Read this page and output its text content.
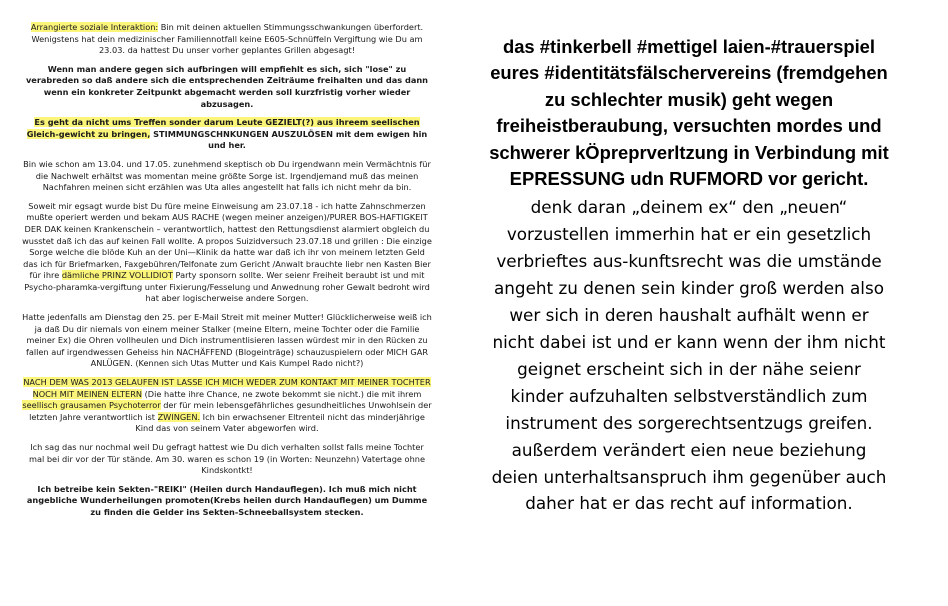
Arrangierte soziale Interaktion: Bin mit deinen aktuellen Stimmungsschwankungen überfordert. Wenigstens hat dein medizinischer Familiennotfall keine E605-Schnüffeln Vergiftung wie Du am 23.03. da hattest Du unser vorher geplantes Grillen abgesagt!
Wenn man andere gegen sich aufbringen will empfiehlt es sich, sich "lose" zu verabreden so daß andere sich die entsprechenden Zeiträume freihalten und das dann wenn ein konkreter Zeitpunkt abgemacht werden soll kurzfristig vorher wieder abzusagen.
Es geht da nicht ums Treffen sonder darum Leute GEZIELT(?) aus ihreem seelischen Gleich-gewicht zu bringen, STIMMUNGSCHNKUNGEN AUSZULÖSEN mit dem ewigen hin und her.
Bin wie schon am 13.04. und 17.05. zunehmend skeptisch ob Du irgendwann mein Vermächtnis für die Nachwelt erhältst was momentan meine größte Sorge ist. Irgendjemand muß das meinen Nachfahren meinen sicht erzählen was Uta alles angestellt hat falls ich nicht mehr da bin.
Soweit mir egsagt wurde bist Du füre meine Einweisung am 23.07.18 - ich hatte Zahnschmerzen mußte operiert werden und bekam AUS RACHE (wegen meiner anzeigen)/PURER BOS-HAFTIGKEIT DER DAK keinen Krankenschein – verantwortlich, hattest den Rettungsdienst alarmiert obgleich du wusstet daß ich das auf keinen Fall wollte. A propos Suizidversuch 23.07.18 und grillen : Die einzige Sorge welche die blöde Kuh an der Uni—Klinik da hatte war daß ich ihr von meinem letzten Geld das ich für Briefmarken, Faxgebühren/Telfonate zum Gericht /Anwalt brauchte liebr nen Kasten Bier für ihre dämliche PRINZ VOLLIDIOT Party sponsorn sollte. Wer seienr Freiheit beraubt ist und mit Psycho-pharamka-vergiftung unter Fixierung/Fesselung und Anwednung roher Gewalt bedroht wird hat aber logischerweise andere Sorgen.
Hatte jedenfalls am Dienstag den 25. per E-Mail Streit mit meiner Mutter! Glücklicherweise weiß ich ja daß Du dir niemals von einem meiner Stalker (meine Eltern, meine Tochter oder die Familie meiner Ex) die Ohren vollheulen und Dich instrumentlisieren lassen würdest mir in den Rücken zu fallen auf irgendwessen Geheiss hin NACHÄFFEND (Blogeinträge) schauzuspielern oder MICH GAR ANLÜGEN. (Kennen sich Utas Mutter und Kais Kumpel Rado nicht?)
NACH DEM WAS 2013 GELAUFEN IST LASSE ICH MICH WEDER ZUM KONTAKT MIT MEINER TOCHTER NOCH MIT MEINEN ELTERN (Die hatte ihre Chance, ne zwote bekommt sie nicht.) die mit ihrem seellisch grausamen Psychoterror der für mein lebensgefährliches gesundheitliches Unwohlsein der letzten Jahre verantwortlich ist ZWINGEN. Ich bin erwachsener Eltrenteil nicht das minderjährige Kind das von seinem Vater abgeworfen wird.
Ich sag das nur nochmal weil Du gefragt hattest wie Du dich verhalten sollst falls meine Tochter mal bei dir vor der Tür stände. Am 30. waren es schon 19 (in Worten: Neunzehn) Vatertage ohne Kindskontkt!
Ich betreibe kein Sekten-"REIKI" (Heilen durch Handauflegen). Ich muß mich nicht angebliche Wunderheilungen promoten(Krebs heilen durch Handauflegen) um Dumme zu finden die Gelder ins Sekten-Schneeballsystem stecken.
das #tinkerbell #mettigel laien-#trauerspiel
eures #identitätsfälschervereins (fremdgehen
zu schlechter musik) geht wegen
freiheistberaubung, versuchten mordes und
schwerer kÖpreprverltzung in Verbindung mit
EPRESSUNG udn RUFMORD vor gericht.
denk daran „deinem ex“ den „neuen“
vorzustellen immerhin hat er ein gesetzlich
verbrieftes aus-kunftsrecht was die umstände
angeht zu denen sein kinder groß werden also
wer sich in deren haushalt aufhält wenn er
nicht dabei ist und er kann wenn der ihm nicht
geignet erscheint sich in der nähe seienr
kinder aufzuhalten selbstverständlich zum
instrument des sorgerechtsentzugs greifen.
außerdem verändert eien neue beziehung
deien unterhaltsanspruch ihm gegenüber auch
daher hat er das recht auf information.
